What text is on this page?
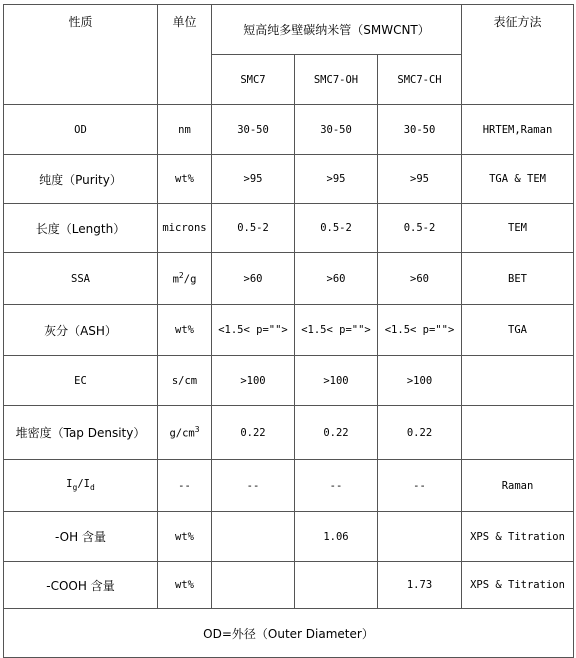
性质	单位	短高纯多壁碳纳米管（SMWCNT）			表征方法
		SMC7	SMC7-OH	SMC7-CH	
OD	nm	30-50	30-50	30-50	HRTEM,Raman
纯度（Purity）	wt%	>95	>95	>95	TGA & TEM
长度（Length）	microns	0.5-2	0.5-2	0.5-2	TEM
SSA	$m^2/g$	>60	>60	>60	BET
灰分（ASH）	wt%	<1.5< p="">	<1.5< p="">	<1.5< p="">	TGA
EC	s/cm	>100	>100	>100	
堆密度（Tap Density）	$g/cm^3$	0.22	0.22	0.22	
$I_g/I_d$	--	--	--	--	Raman
-OH 含量	wt%		1.06		XPS & Titration
-COOH 含量	wt%			1.73	XPS & Titration
OD=外径（Outer Diameter）					
